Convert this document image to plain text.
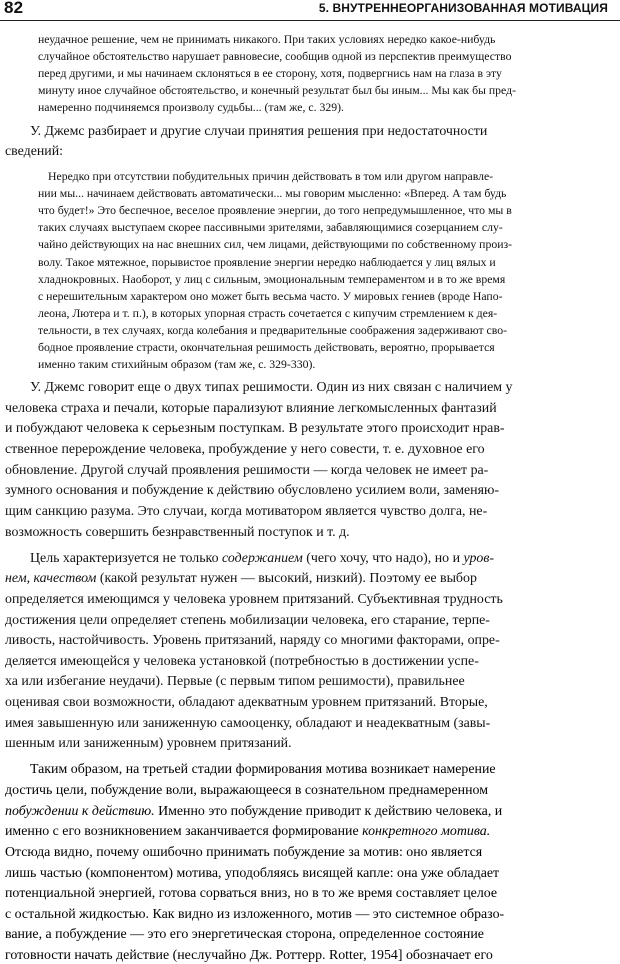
82	5. ВНУТРЕННЕОРГАНИЗОВАННАЯ МОТИВАЦИЯ
неудачное решение, чем не принимать никакого. При таких условиях нередко какое-нибудь
случайное обстоятельство нарушает равновесие, сообщив одной из перспектив преимущество
перед другими, и мы начинаем склоняться в ее сторону, хотя, подвергнись нам на глаза в эту
минуту иное случайное обстоятельство, и конечный результат был бы иным... Мы как бы пред-
намеренно подчиняемся произволу судьбы... (там же, с. 329).
У. Джемс разбирает и другие случаи принятия решения при недостаточности
сведений:
Нередко при отсутствии побудительных причин действовать в том или другом направле-
нии мы... начинаем действовать автоматически... мы говорим мысленно: «Вперед. А там будь
что будет!» Это беспечное, веселое проявление энергии, до того непредумышленное, что мы в
таких случаях выступаем скорее пассивными зрителями, забавляющимися созерцанием слу-
чайно действующих на нас внешних сил, чем лицами, действующими по собственному произ-
волу. Такое мятежное, порывистое проявление энергии нередко наблюдается у лиц вялых и
хладнокровных. Наоборот, у лиц с сильным, эмоциональным темпераментом и в то же время
с нерешительным характером оно может быть весьма часто. У мировых гениев (вроде Напо-
леона, Лютера и т. п.), в которых упорная страсть сочетается с кипучим стремлением к дея-
тельности, в тех случаях, когда колебания и предварительные соображения задерживают сво-
бодное проявление страсти, окончательная решимость действовать, вероятно, прорывается
именно таким стихийным образом (там же, с. 329-330).
У. Джемс говорит еще о двух типах решимости. Один из них связан с наличием у
человека страха и печали, которые парализуют влияние легкомысленных фантазий
и побуждают человека к серьезным поступкам. В результате этого происходит нрав-
ственное перерождение человека, пробуждение у него совести, т. е. духовное его
обновление. Другой случай проявления решимости — когда человек не имеет ра-
зумного основания и побуждение к действию обусловлено усилием воли, заменяю-
щим санкцию разума. Это случаи, когда мотиватором является чувство долга, не-
возможность совершить безнравственный поступок и т. д.
Цель характеризуется не только содержанием (чего хочу, что надо), но и уров-
нем, качеством (какой результат нужен — высокий, низкий). Поэтому ее выбор
определяется имеющимся у человека уровнем притязаний. Субъективная трудность
достижения цели определяет степень мобилизации человека, его старание, терпе-
ливость, настойчивость. Уровень притязаний, наряду со многими факторами, опре-
деляется имеющейся у человека установкой (потребностью в достижении успе-
ха или избегание неудачи). Первые (с первым типом решимости), правильнее
оценивая свои возможности, обладают адекватным уровнем притязаний. Вторые,
имея завышенную или заниженную самооценку, обладают и неадекватным (завы-
шенным или заниженным) уровнем притязаний.
Таким образом, на третьей стадии формирования мотива возникает намерение
достичь цели, побуждение воли, выражающееся в сознательном преднамеренном
побуждении к действию. Именно это побуждение приводит к действию человека, и
именно с его возникновением заканчивается формирование конкретного мотива.
Отсюда видно, почему ошибочно принимать побуждение за мотив: оно является
лишь частью (компонентом) мотива, уподобляясь висящей капле: она уже обладает
потенциальной энергией, готова сорваться вниз, но в то же время составляет целое
с остальной жидкостью. Как видно из изложенного, мотив — это системное образо-
вание, а побуждение — это его энергетическая сторона, определенное состояние
готовности начать действие (неслучайно Дж. Роттерр. Rotter, 1954] обозначает его
